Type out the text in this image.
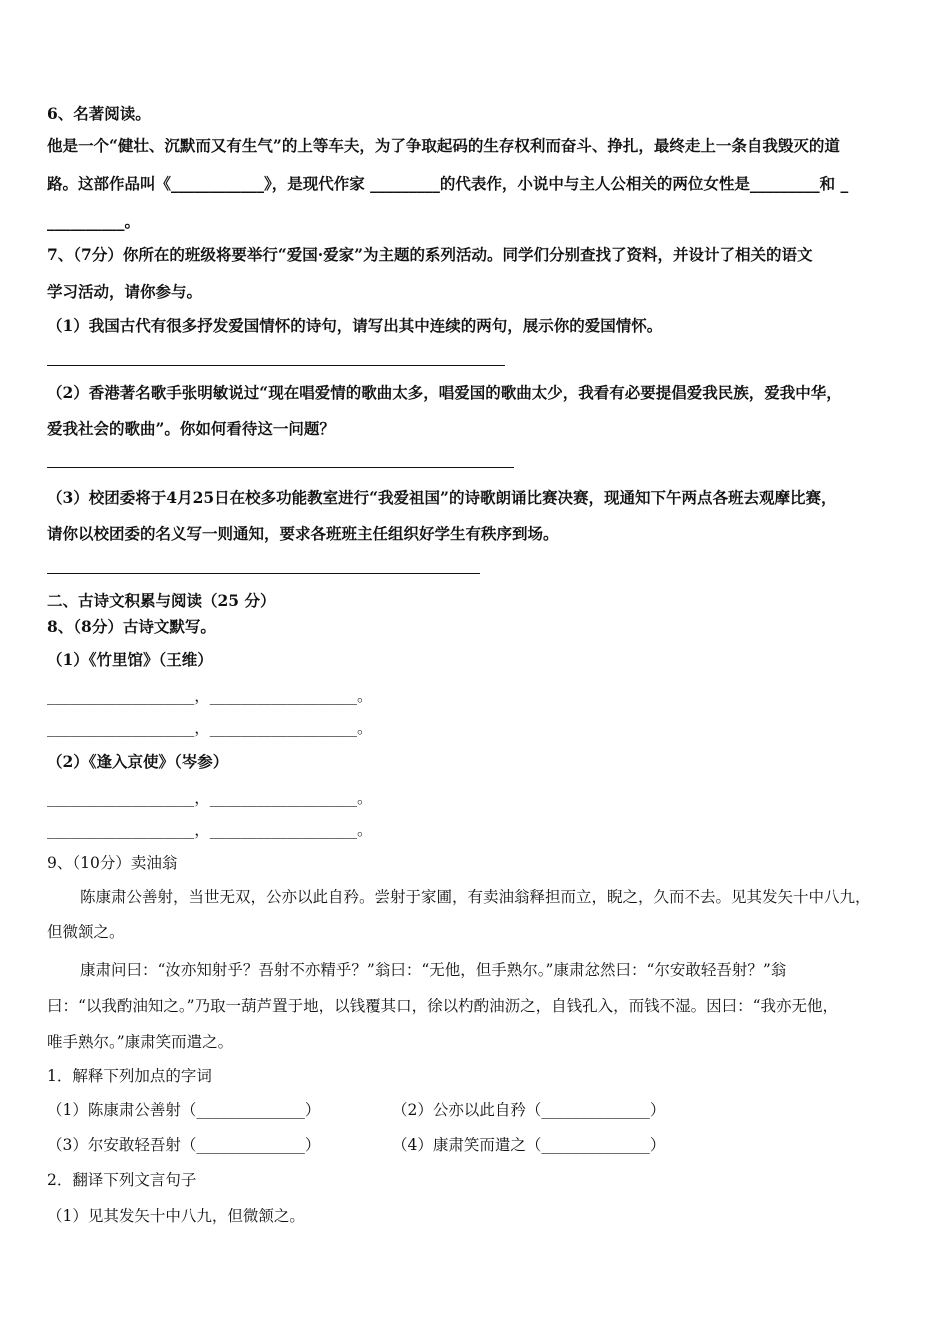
6、名著阅读。
他是一个“健壮、沉默而又有生气”的上等车夫，为了争取起码的生存权利而奋斗、挣扎，最终走上一条自我毁灭的道
路。这部作品叫《____________》，是现代作家 _________的代表作，小说中与主人公相关的两位女性是_________和 _
__________。
7、（7分）你所在的班级将要举行“爱国·爱家”为主题的系列活动。同学们分别查找了资料，并设计了相关的语文
学习活动，请你参与。
（1）我国古代有很多抒发爱国情怀的诗句，请写出其中连续的两句，展示你的爱国情怀。
（2）香港著名歌手张明敏说过“现在唱爱情的歌曲太多，唱爱国的歌曲太少，我看有必要提倡爱我民族，爱我中华，
爱我社会的歌曲”。你如何看待这一问题？
（3）校团委将于4月25日在校多功能教室进行“我爱祖国”的诗歌朗诵比赛决赛，现通知下午两点各班去观摩比赛，
请你以校团委的名义写一则通知，要求各班班主任组织好学生有秩序到场。
二、古诗文积累与阅读（25 分）
8、（8分）古诗文默写。
（1）《竹里馆》（王维）
___________________，___________________。
___________________，___________________。
（2）《逢入京使》（岑参）
___________________，___________________。
___________________，___________________。
9、（10分）卖油翁
陈康肃公善射，当世无双，公亦以此自矜。尝射于家圃，有卖油翁释担而立，睨之，久而不去。见其发矢十中八九，
但微颔之。
康肃问曰：“汝亦知射乎？吾射不亦精乎？”翁曰：“无他，但手熟尔。”康肃忿然曰：“尔安敢轻吾射？”翁
曰：“以我酌油知之。”乃取一葫芦置于地，以钱覆其口，徐以杓酌油沥之，自钱孔入，而钱不湿。因曰：“我亦无他，
唯手熟尔。”康肃笑而遣之。
1．解释下列加点的字词
（1）陈康肃公善射（______________）	（2）公亦以此自矜（______________）
（3）尔安敢轻吾射（______________）	（4）康肃笑而遣之（______________）
2．翻译下列文言句子
（1）见其发矢十中八九，但微颔之。
